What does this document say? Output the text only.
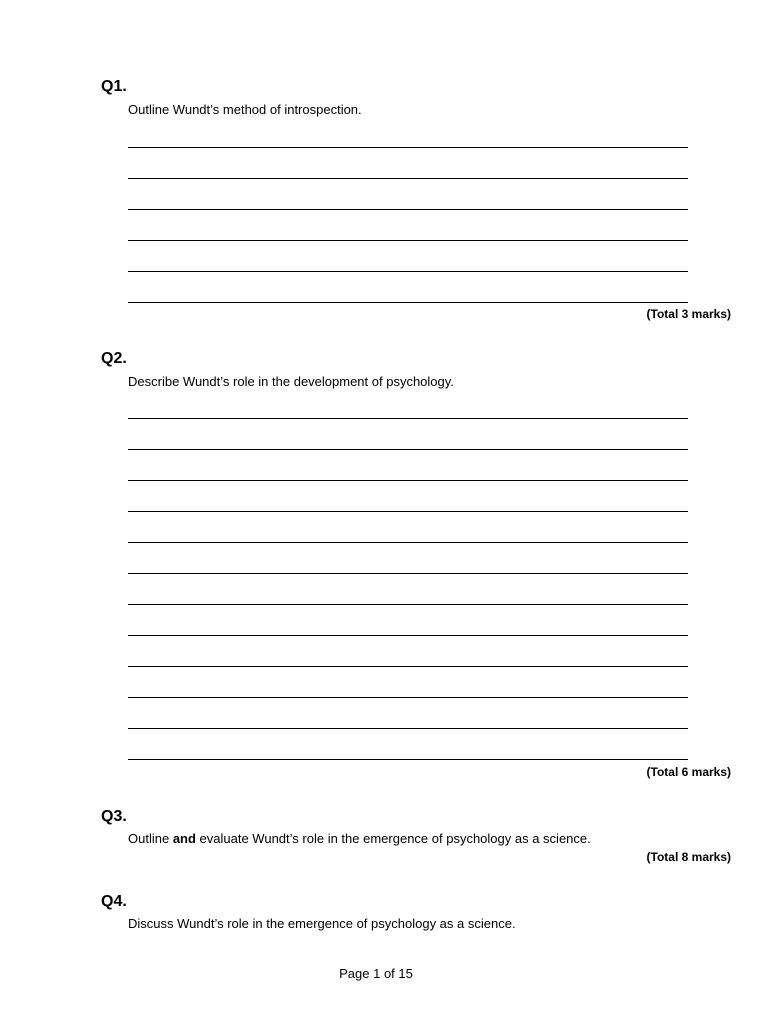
Q1.
Outline Wundt’s method of introspection.
(Total 3 marks)
Q2.
Describe Wundt’s role in the development of psychology.
(Total 6 marks)
Q3.
Outline and evaluate Wundt’s role in the emergence of psychology as a science.
(Total 8 marks)
Q4.
Discuss Wundt’s role in the emergence of psychology as a science.
Page 1 of 15
